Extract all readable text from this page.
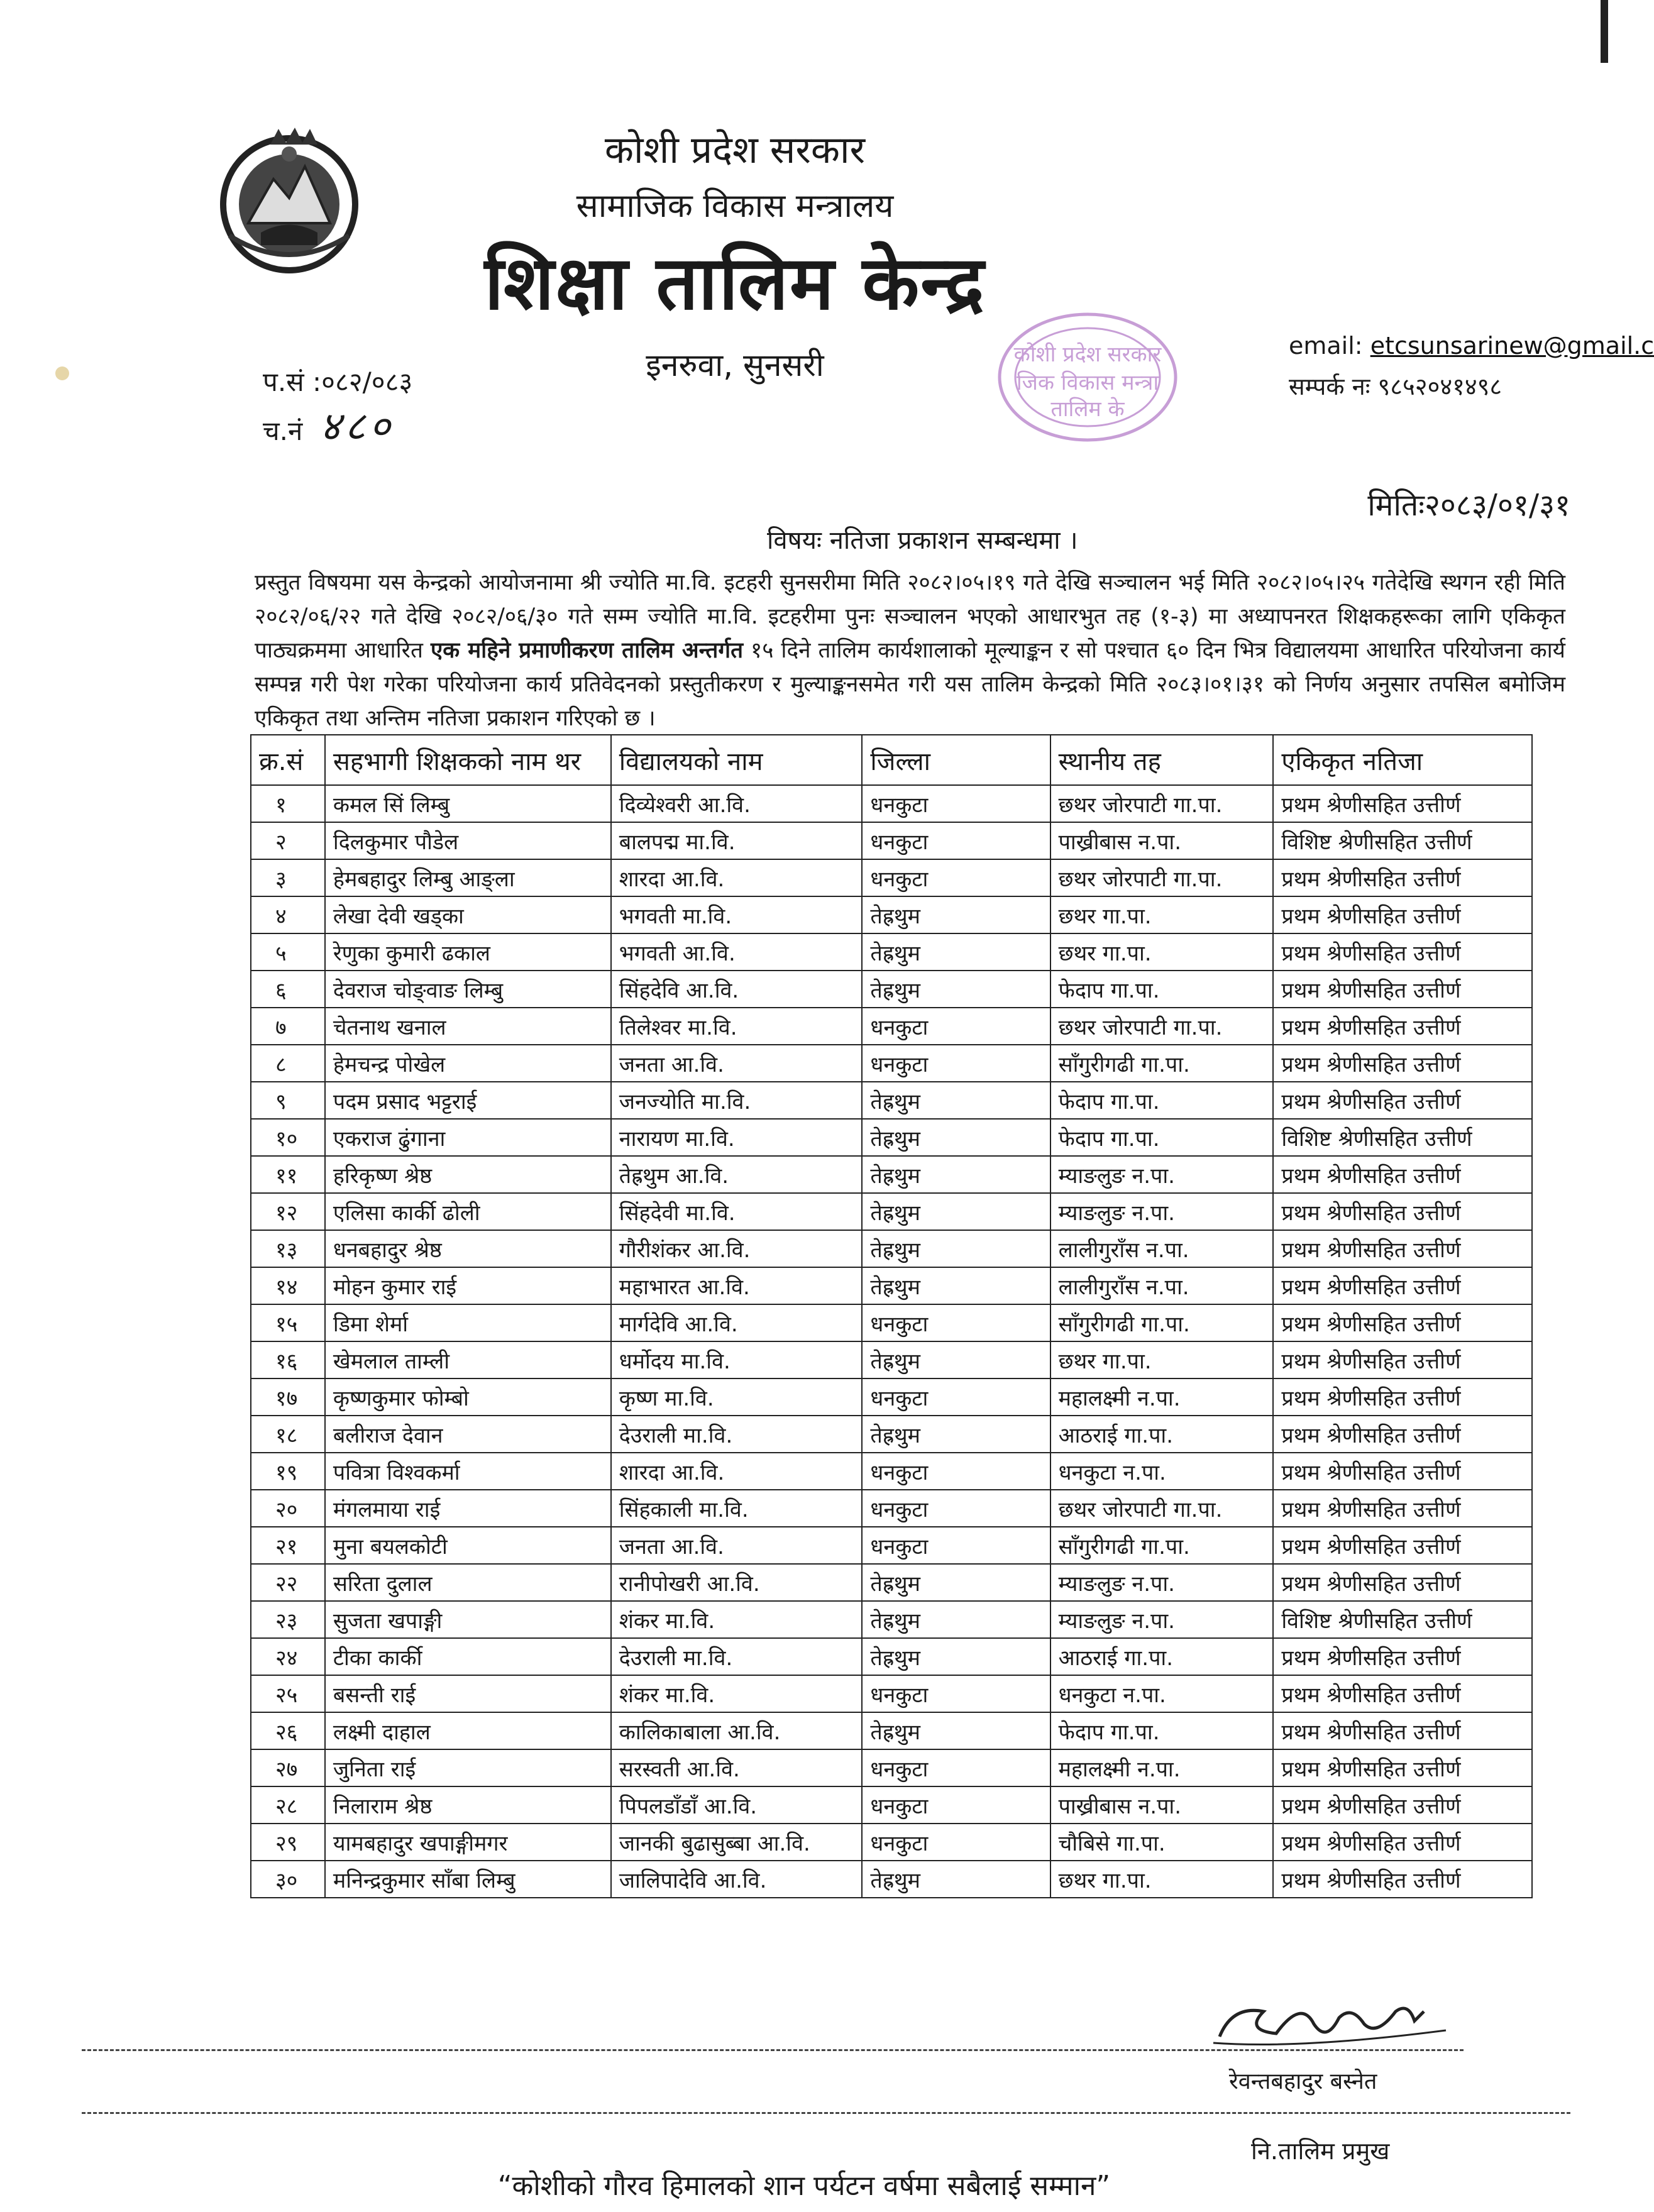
कोशी प्रदेश सरकार
सामाजिक विकास मन्त्रालय
शिक्षा तालिम केन्द्र
इनरुवा, सुनसरी	कोशी प्रदेश सरकार
जिक विकास मन्त्रा
तालिम के
email: etcsunsarinew@gmail.c
सम्पर्क नः ९८५२०४१४९८
प.सं :०८२/०८३
च.नं ४८०
मितिः२०८३/०१/३१
विषयः नतिजा प्रकाशन सम्बन्धमा ।

प्रस्तुत विषयमा यस केन्द्रको आयोजनामा श्री ज्योति मा.वि. इटहरी सुनसरीमा मिति २०८२।०५।१९ गते देखि सञ्चालन भई मिति २०८२।०५।२५ गतेदेखि स्थगन रही मिति २०८२/०६/२२ गते देखि २०८२/०६/३० गते सम्म ज्योति मा.वि. इटहरीमा पुनः सञ्चालन भएको आधारभुत तह (१-३) मा अध्यापनरत शिक्षकहरूका लागि एकिकृत पाठ्यक्रममा आधारित एक महिने प्रमाणीकरण तालिम अन्तर्गत १५ दिने तालिम कार्यशालाको मूल्याङ्कन र सो पश्चात ६० दिन भित्र विद्यालयमा आधारित परियोजना कार्य सम्पन्न गरी पेश गरेका परियोजना कार्य प्रतिवेदनको प्रस्तुतीकरण र मुल्याङ्कनसमेत गरी यस तालिम केन्द्रको मिति २०८३।०१।३१ को निर्णय अनुसार तपसिल बमोजिम एकिकृत तथा अन्तिम नतिजा प्रकाशन गरिएको छ ।

क्र.सं	सहभागी शिक्षकको नाम थर	विद्यालयको नाम	जिल्ला	स्थानीय तह	एकिकृत नतिजा
१	कमल सिं लिम्बु	दिव्येश्वरी आ.वि.	धनकुटा	छथर जोरपाटी गा.पा.	प्रथम श्रेणीसहित उत्तीर्ण
२	दिलकुमार पौडेल	बालपद्म मा.वि.	धनकुटा	पाख्रीबास न.पा.	विशिष्ट श्रेणीसहित उत्तीर्ण
३	हेमबहादुर लिम्बु आङ्ला	शारदा आ.वि.	धनकुटा	छथर जोरपाटी गा.पा.	प्रथम श्रेणीसहित उत्तीर्ण
४	लेखा देवी खड्का	भगवती मा.वि.	तेह्रथुम	छथर गा.पा.	प्रथम श्रेणीसहित उत्तीर्ण
५	रेणुका कुमारी ढकाल	भगवती आ.वि.	तेह्रथुम	छथर गा.पा.	प्रथम श्रेणीसहित उत्तीर्ण
६	देवराज चोङ्वाङ लिम्बु	सिंहदेवि आ.वि.	तेह्रथुम	फेदाप गा.पा.	प्रथम श्रेणीसहित उत्तीर्ण
७	चेतनाथ खनाल	तिलेश्वर मा.वि.	धनकुटा	छथर जोरपाटी गा.पा.	प्रथम श्रेणीसहित उत्तीर्ण
८	हेमचन्द्र पोखेल	जनता आ.वि.	धनकुटा	साँगुरीगढी गा.पा.	प्रथम श्रेणीसहित उत्तीर्ण
९	पदम प्रसाद भट्टराई	जनज्योति मा.वि.	तेह्रथुम	फेदाप गा.पा.	प्रथम श्रेणीसहित उत्तीर्ण
१०	एकराज ढुंगाना	नारायण मा.वि.	तेह्रथुम	फेदाप गा.पा.	विशिष्ट श्रेणीसहित उत्तीर्ण
११	हरिकृष्ण श्रेष्ठ	तेह्रथुम आ.वि.	तेह्रथुम	म्याङलुङ न.पा.	प्रथम श्रेणीसहित उत्तीर्ण
१२	एलिसा कार्की ढोली	सिंहदेवी मा.वि.	तेह्रथुम	म्याङलुङ न.पा.	प्रथम श्रेणीसहित उत्तीर्ण
१३	धनबहादुर श्रेष्ठ	गौरीशंकर आ.वि.	तेह्रथुम	लालीगुराँस न.पा.	प्रथम श्रेणीसहित उत्तीर्ण
१४	मोहन कुमार राई	महाभारत आ.वि.	तेह्रथुम	लालीगुराँस न.पा.	प्रथम श्रेणीसहित उत्तीर्ण
१५	डिमा शेर्मा	मार्गदेवि आ.वि.	धनकुटा	साँगुरीगढी गा.पा.	प्रथम श्रेणीसहित उत्तीर्ण
१६	खेमलाल ताम्ली	धर्मोदय मा.वि.	तेह्रथुम	छथर गा.पा.	प्रथम श्रेणीसहित उत्तीर्ण
१७	कृष्णकुमार फोम्बो	कृष्ण मा.वि.	धनकुटा	महालक्ष्मी न.पा.	प्रथम श्रेणीसहित उत्तीर्ण
१८	बलीराज देवान	देउराली मा.वि.	तेह्रथुम	आठराई गा.पा.	प्रथम श्रेणीसहित उत्तीर्ण
१९	पवित्रा विश्वकर्मा	शारदा आ.वि.	धनकुटा	धनकुटा न.पा.	प्रथम श्रेणीसहित उत्तीर्ण
२०	मंगलमाया राई	सिंहकाली मा.वि.	धनकुटा	छथर जोरपाटी गा.पा.	प्रथम श्रेणीसहित उत्तीर्ण
२१	मुना बयलकोटी	जनता आ.वि.	धनकुटा	साँगुरीगढी गा.पा.	प्रथम श्रेणीसहित उत्तीर्ण
२२	सरिता दुलाल	रानीपोखरी आ.वि.	तेह्रथुम	म्याङलुङ न.पा.	प्रथम श्रेणीसहित उत्तीर्ण
२३	सुजता खपाङ्गी	शंकर मा.वि.	तेह्रथुम	म्याङलुङ न.पा.	विशिष्ट श्रेणीसहित उत्तीर्ण
२४	टीका कार्की	देउराली मा.वि.	तेह्रथुम	आठराई गा.पा.	प्रथम श्रेणीसहित उत्तीर्ण
२५	बसन्ती राई	शंकर मा.वि.	धनकुटा	धनकुटा न.पा.	प्रथम श्रेणीसहित उत्तीर्ण
२६	लक्ष्मी दाहाल	कालिकाबाला आ.वि.	तेह्रथुम	फेदाप गा.पा.	प्रथम श्रेणीसहित उत्तीर्ण
२७	जुनिता राई	सरस्वती आ.वि.	धनकुटा	महालक्ष्मी न.पा.	प्रथम श्रेणीसहित उत्तीर्ण
२८	निलाराम श्रेष्ठ	पिपलडाँडाँ आ.वि.	धनकुटा	पाख्रीबास न.पा.	प्रथम श्रेणीसहित उत्तीर्ण
२९	यामबहादुर खपाङ्गीमगर	जानकी बुढासुब्बा आ.वि.	धनकुटा	चौबिसे गा.पा.	प्रथम श्रेणीसहित उत्तीर्ण
३०	मनिन्द्रकुमार साँबा लिम्बु	जालिपादेवि आ.वि.	तेह्रथुम	छथर गा.पा.	प्रथम श्रेणीसहित उत्तीर्ण
रेवन्तबहादुर बस्नेत
नि.तालिम प्रमुख
“कोशीको गौरव हिमालको शान पर्यटन वर्षमा सबैलाई सम्मान”
